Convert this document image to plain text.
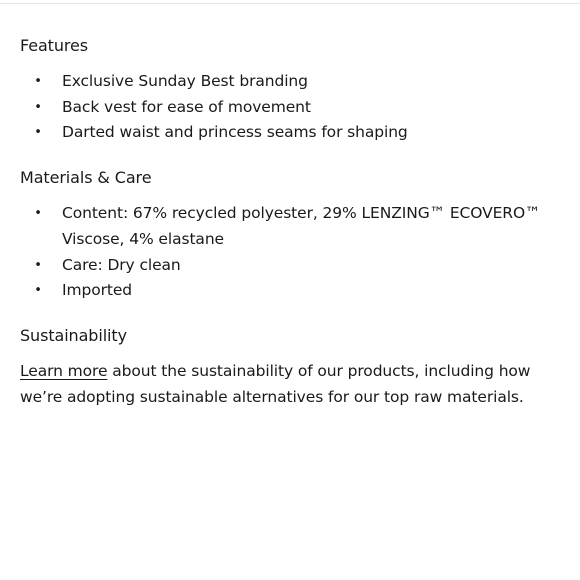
Features
• Exclusive Sunday Best branding
• Back vest for ease of movement
• Darted waist and princess seams for shaping
Materials & Care
• Content: 67% recycled polyester, 29% LENZING™ ECOVERO™ Viscose, 4% elastane
• Care: Dry clean
• Imported
Sustainability

Learn more about the sustainability of our products, including how we’re adopting sustainable alternatives for our top raw materials.
